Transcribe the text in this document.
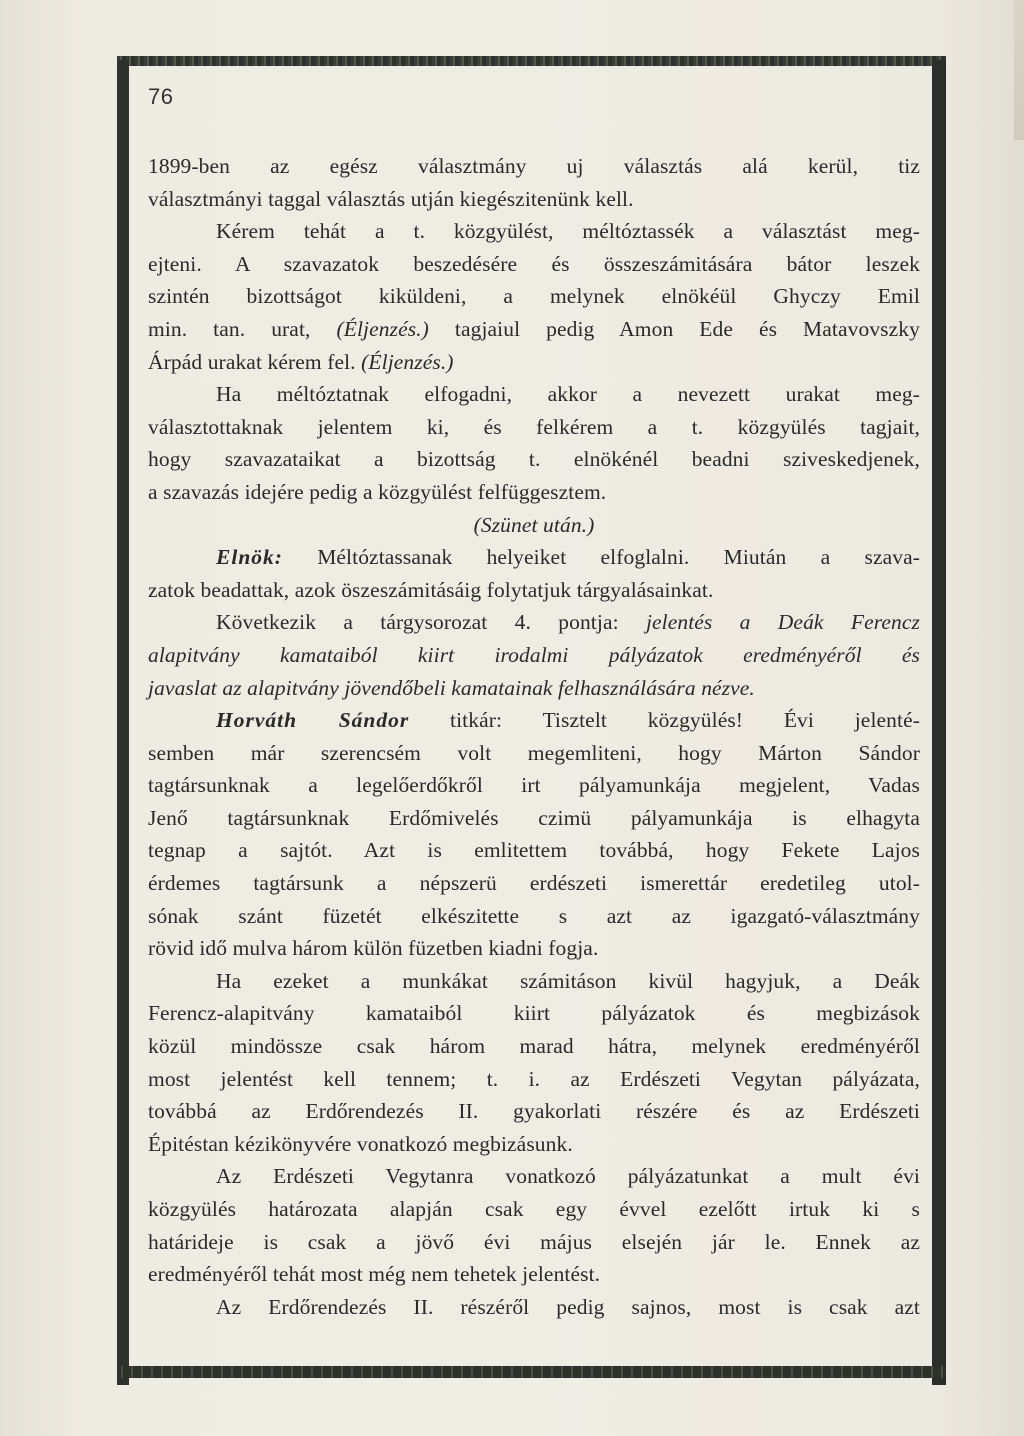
76
1899-ben az egész választmány uj választás alá kerül, tiz
választmányi taggal választás utján kiegészitenünk kell.
Kérem tehát a t. közgyülést, méltóztassék a választást meg-
ejteni. A szavazatok beszedésére és összeszámitására bátor leszek
szintén bizottságot kiküldeni, a melynek elnökéül Ghyczy Emil
min. tan. urat, (Éljenzés.) tagjaiul pedig Amon Ede és Matavovszky
Árpád urakat kérem fel. (Éljenzés.)
Ha méltóztatnak elfogadni, akkor a nevezett urakat meg-
választottaknak jelentem ki, és felkérem a t. közgyülés tagjait,
hogy szavazataikat a bizottság t. elnökénél beadni sziveskedjenek,
a szavazás idejére pedig a közgyülést felfüggesztem.
(Szünet után.)
Elnök: Méltóztassanak helyeiket elfoglalni. Miután a szava-
zatok beadattak, azok öszeszámitásáig folytatjuk tárgyalásainkat.
Következik a tárgysorozat 4. pontja: jelentés a Deák Ferencz
alapitvány kamataiból kiirt irodalmi pályázatok eredményéről és
javaslat az alapitvány jövendőbeli kamatainak felhasználására nézve.
Horváth Sándor titkár: Tisztelt közgyülés! Évi jelenté-
semben már szerencsém volt megemliteni, hogy Márton Sándor
tagtársunknak a legelőerdőkről irt pályamunkája megjelent, Vadas
Jenő tagtársunknak Erdőmivelés czimü pályamunkája is elhagyta
tegnap a sajtót. Azt is emlitettem továbbá, hogy Fekete Lajos
érdemes tagtársunk a népszerü erdészeti ismerettár eredetileg utol-
sónak szánt füzetét elkészitette s azt az igazgató-választmány
rövid idő mulva három külön füzetben kiadni fogja.
Ha ezeket a munkákat számitáson kivül hagyjuk, a Deák
Ferencz-alapitvány kamataiból kiirt pályázatok és megbizások
közül mindössze csak három marad hátra, melynek eredményéről
most jelentést kell tennem; t. i. az Erdészeti Vegytan pályázata,
továbbá az Erdőrendezés II. gyakorlati részére és az Erdészeti
Épitéstan kézikönyvére vonatkozó megbizásunk.
Az Erdészeti Vegytanra vonatkozó pályázatunkat a mult évi
közgyülés határozata alapján csak egy évvel ezelőtt irtuk ki s
határideje is csak a jövő évi május elsején jár le. Ennek az
eredményéről tehát most még nem tehetek jelentést.
Az Erdőrendezés II. részéről pedig sajnos, most is csak azt
